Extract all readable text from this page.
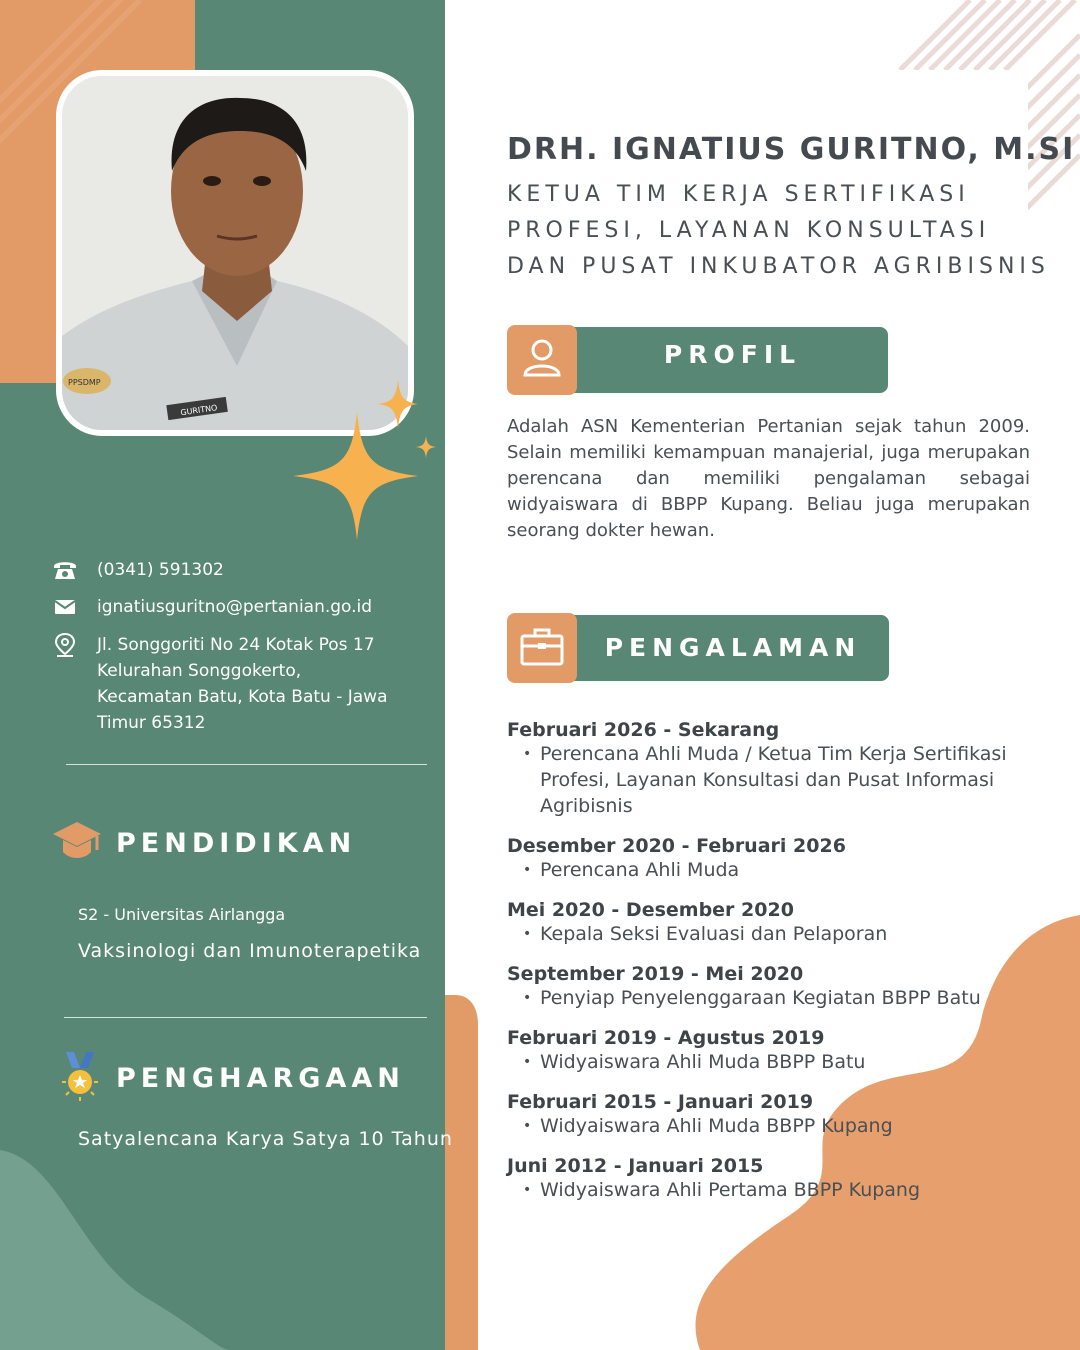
GURITNO
PPSDMP
(0341) 591302
ignatiusguritno@pertanian.go.id
Jl. Songgoriti No 24 Kotak Pos 17
Kelurahan Songgokerto,
Kecamatan Batu, Kota Batu - Jawa
Timur 65312
PENDIDIKAN
S2 - Universitas Airlangga
Vaksinologi dan Imunoterapetika
PENGHARGAAN
Satyalencana Karya Satya 10 Tahun
DRH. IGNATIUS GURITNO, M.SI
KETUA TIM KERJA SERTIFIKASI
PROFESI, LAYANAN KONSULTASI
DAN PUSAT INKUBATOR AGRIBISNIS
PROFIL
Adalah ASN Kementerian Pertanian sejak tahun 2009. Selain memiliki kemampuan manajerial, juga merupakan perencana dan memiliki pengalaman sebagai widyaiswara di BBPP Kupang. Beliau juga merupakan seorang dokter hewan.
PENGALAMAN
Februari 2026 - Sekarang
• Perencana Ahli Muda / Ketua Tim Kerja Sertifikasi Profesi, Layanan Konsultasi dan Pusat Informasi Agribisnis
Desember 2020 - Februari 2026
• Perencana Ahli Muda
Mei 2020 - Desember 2020
• Kepala Seksi Evaluasi dan Pelaporan
September 2019 - Mei 2020
• Penyiap Penyelenggaraan Kegiatan BBPP Batu
Februari 2019 - Agustus 2019
• Widyaiswara Ahli Muda BBPP Batu
Februari 2015 - Januari 2019
• Widyaiswara Ahli Muda BBPP Kupang
Juni 2012 - Januari 2015
• Widyaiswara Ahli Pertama BBPP Kupang
